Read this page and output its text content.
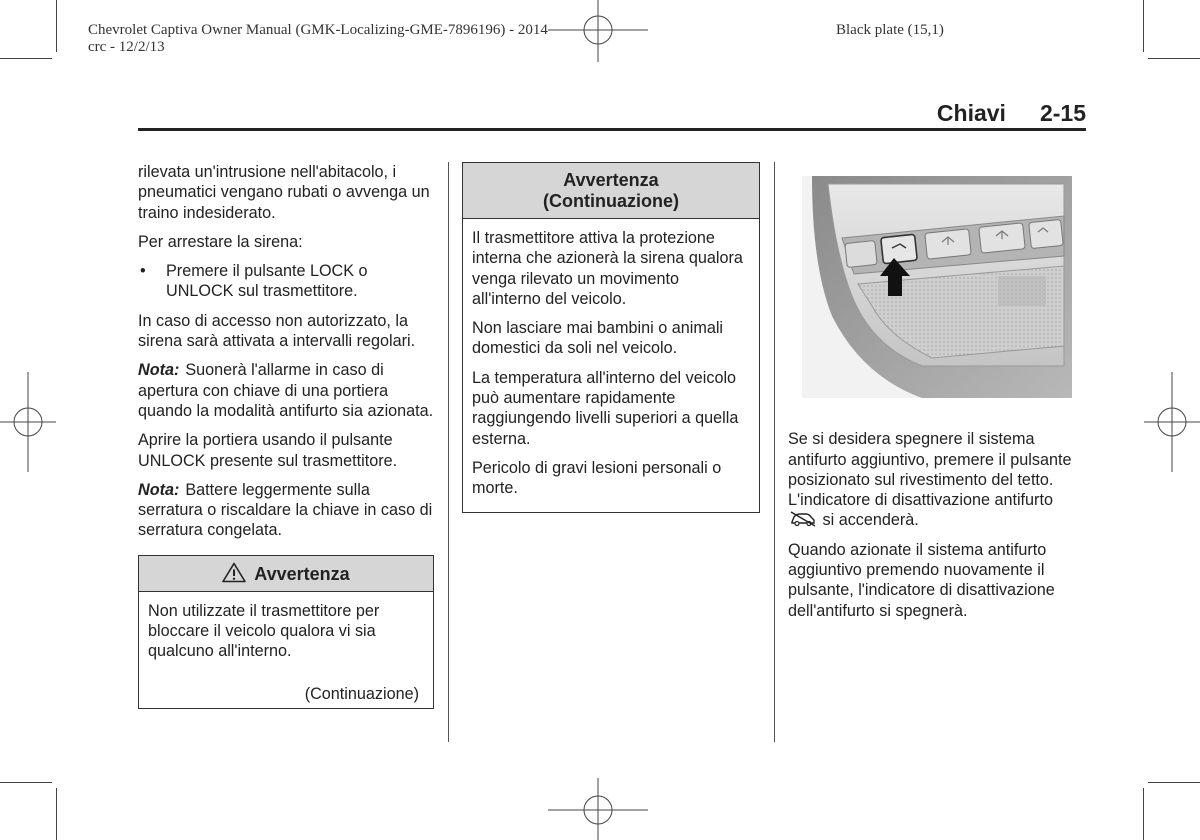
Chevrolet Captiva Owner Manual (GMK-Localizing-GME-7896196) - 2014
crc - 12/2/13
Black plate (15,1)
Chiavi 2-15

rilevata un'intrusione nell'abitacolo, i pneumatici vengano rubati o avvenga un traino indesiderato.

Per arrestare la sirena:

•	Premere il pulsante LOCK o UNLOCK sul trasmettitore.

In caso di accesso non autorizzato, la sirena sarà attivata a intervalli regolari.

Nota: Suonerà l'allarme in caso di apertura con chiave di una portiera quando la modalità antifurto sia azionata.

Aprire la portiera usando il pulsante UNLOCK presente sul trasmettitore.

Nota: Battere leggermente sulla serratura o riscaldare la chiave in caso di serratura congelata.

Avvertenza

Non utilizzate il trasmettitore per bloccare il veicolo qualora vi sia qualcuno all'interno.

(Continuazione)
Avvertenza
(Continuazione)

Il trasmettitore attiva la protezione interna che azionerà la sirena qualora venga rilevato un movimento all'interno del veicolo.

Non lasciare mai bambini o animali domestici da soli nel veicolo.

La temperatura all'interno del veicolo può aumentare rapidamente raggiungendo livelli superiori a quella esterna.

Pericolo di gravi lesioni personali o morte.

Se si desidera spegnere il sistema antifurto aggiuntivo, premere il pulsante posizionato sul rivestimento del tetto. L'indicatore di disattivazione antifurto  si accenderà.

Quando azionate il sistema antifurto aggiuntivo premendo nuovamente il pulsante, l'indicatore di disattivazione dell'antifurto si spegnerà.
